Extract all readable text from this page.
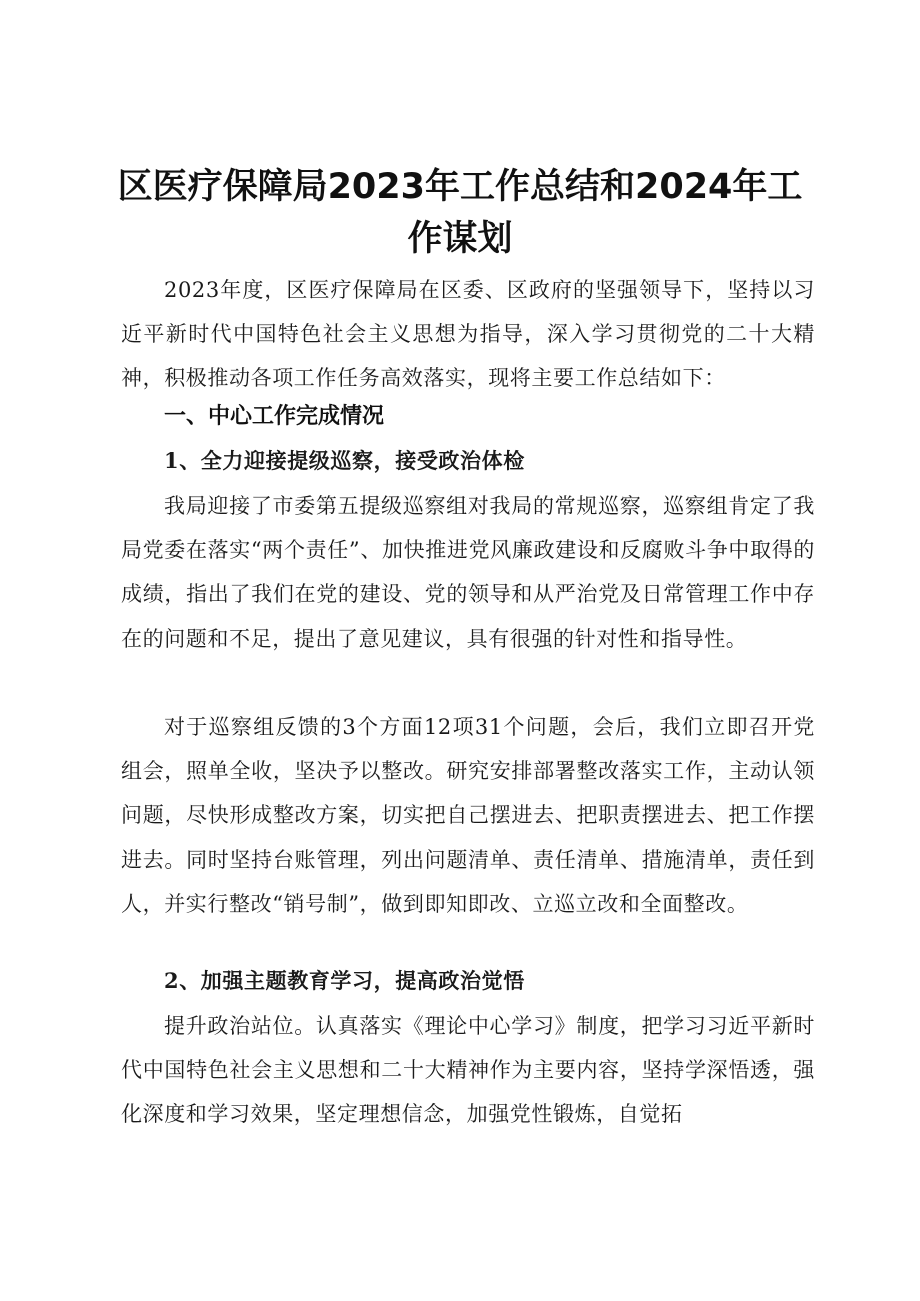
区医疗保障局2023年工作总结和2024年工
作谋划

2023年度，区医疗保障局在区委、区政府的坚强领导下，坚持以习近平新时代中国特色社会主义思想为指导，深入学习贯彻党的二十大精神，积极推动各项工作任务高效落实，现将主要工作总结如下：

一、中心工作完成情况
1、全力迎接提级巡察，接受政治体检

我局迎接了市委第五提级巡察组对我局的常规巡察，巡察组肯定了我局党委在落实“两个责任”、加快推进党风廉政建设和反腐败斗争中取得的成绩，指出了我们在党的建设、党的领导和从严治党及日常管理工作中存在的问题和不足，提出了意见建议，具有很强的针对性和指导性。

对于巡察组反馈的3个方面12项31个问题，会后，我们立即召开党组会，照单全收，坚决予以整改。研究安排部署整改落实工作，主动认领问题，尽快形成整改方案，切实把自己摆进去、把职责摆进去、把工作摆进去。同时坚持台账管理，列出问题清单、责任清单、措施清单，责任到人，并实行整改“销号制”，做到即知即改、立巡立改和全面整改。

2、加强主题教育学习，提高政治觉悟

提升政治站位。认真落实《理论中心学习》制度，把学习习近平新时代中国特色社会主义思想和二十大精神作为主要内容，坚持学深悟透，强化深度和学习效果，坚定理想信念，加强党性锻炼，自觉拓
